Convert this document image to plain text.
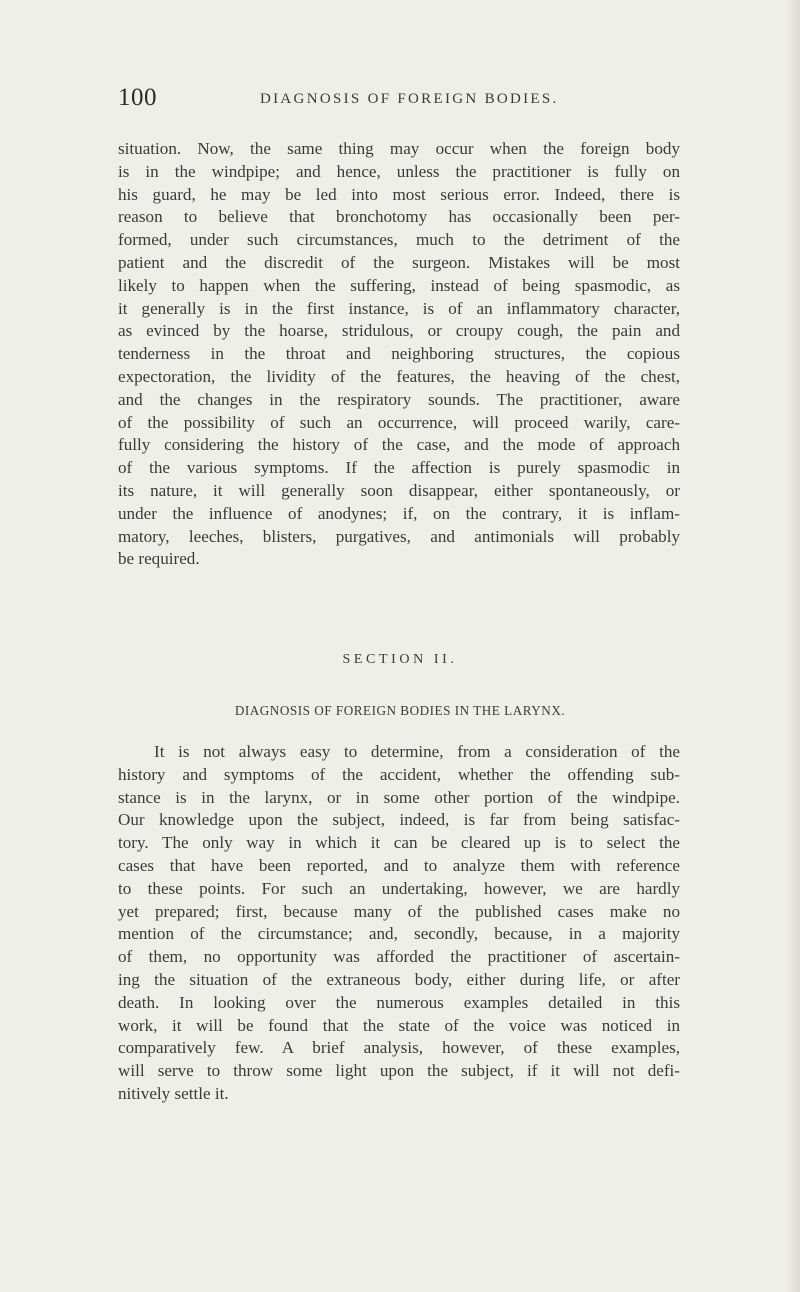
100	DIAGNOSIS OF FOREIGN BODIES.
situation. Now, the same thing may occur when the foreign body
is in the windpipe; and hence, unless the practitioner is fully on
his guard, he may be led into most serious error. Indeed, there is
reason to believe that bronchotomy has occasionally been per-
formed, under such circumstances, much to the detriment of the
patient and the discredit of the surgeon. Mistakes will be most
likely to happen when the suffering, instead of being spasmodic, as
it generally is in the first instance, is of an inflammatory character,
as evinced by the hoarse, stridulous, or croupy cough, the pain and
tenderness in the throat and neighboring structures, the copious
expectoration, the lividity of the features, the heaving of the chest,
and the changes in the respiratory sounds. The practitioner, aware
of the possibility of such an occurrence, will proceed warily, care-
fully considering the history of the case, and the mode of approach
of the various symptoms. If the affection is purely spasmodic in
its nature, it will generally soon disappear, either spontaneously, or
under the influence of anodynes; if, on the contrary, it is inflam-
matory, leeches, blisters, purgatives, and antimonials will probably
be required.
SECTION II.
DIAGNOSIS OF FOREIGN BODIES IN THE LARYNX.
It is not always easy to determine, from a consideration of the
history and symptoms of the accident, whether the offending sub-
stance is in the larynx, or in some other portion of the windpipe.
Our knowledge upon the subject, indeed, is far from being satisfac-
tory. The only way in which it can be cleared up is to select the
cases that have been reported, and to analyze them with reference
to these points. For such an undertaking, however, we are hardly
yet prepared; first, because many of the published cases make no
mention of the circumstance; and, secondly, because, in a majority
of them, no opportunity was afforded the practitioner of ascertain-
ing the situation of the extraneous body, either during life, or after
death. In looking over the numerous examples detailed in this
work, it will be found that the state of the voice was noticed in
comparatively few. A brief analysis, however, of these examples,
will serve to throw some light upon the subject, if it will not defi-
nitively settle it.
